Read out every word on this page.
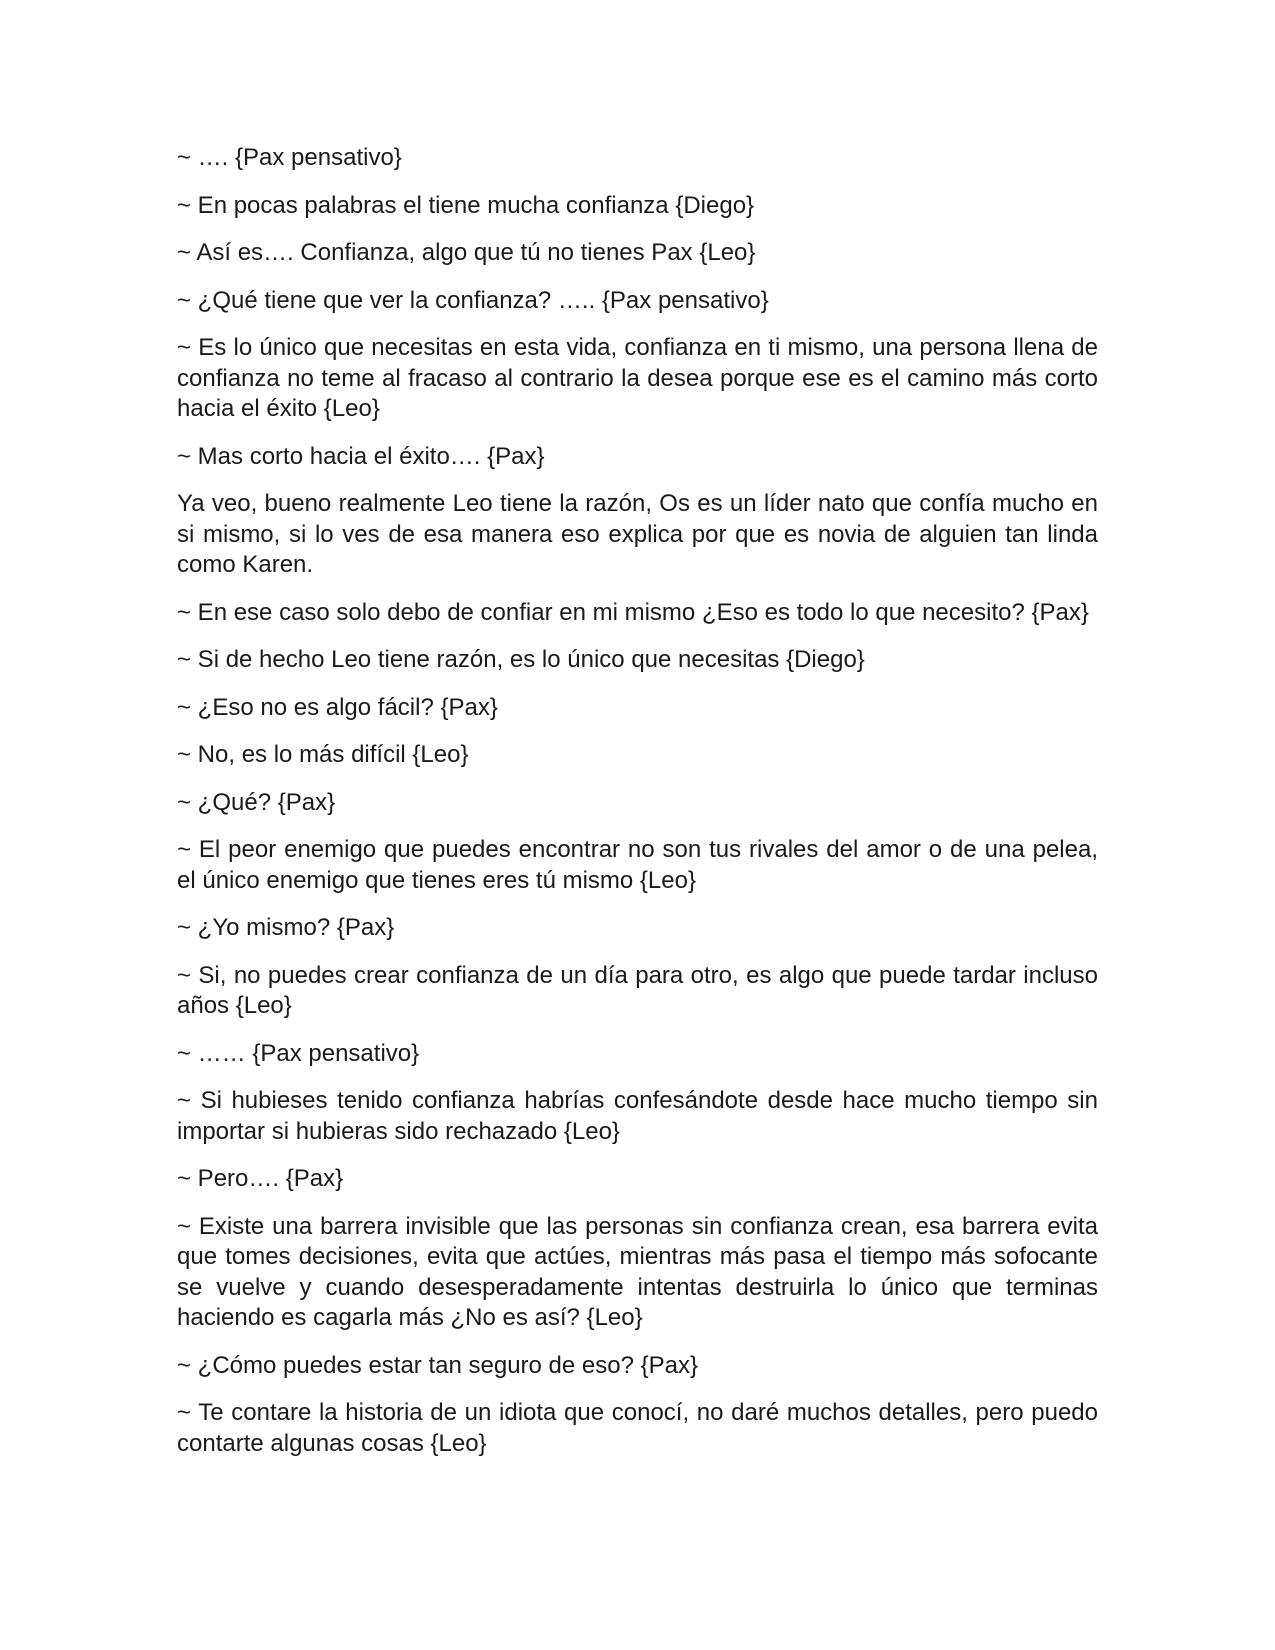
~ …. {Pax pensativo}

~ En pocas palabras el tiene mucha confianza {Diego}

~ Así es…. Confianza, algo que tú no tienes Pax {Leo}

~ ¿Qué tiene que ver la confianza? ….. {Pax pensativo}

~ Es lo único que necesitas en esta vida, confianza en ti mismo, una persona llena de confianza no teme al fracaso al contrario la desea porque ese es el camino más corto hacia el éxito {Leo}

~ Mas corto hacia el éxito…. {Pax}

Ya veo, bueno realmente Leo tiene la razón, Os es un líder nato que confía mucho en si mismo, si lo ves de esa manera eso explica por que es novia de alguien tan linda como Karen.

~ En ese caso solo debo de confiar en mi mismo ¿Eso es todo lo que necesito? {Pax}

~ Si de hecho Leo tiene razón, es lo único que necesitas {Diego}

~ ¿Eso no es algo fácil? {Pax}

~ No, es lo más difícil {Leo}

~ ¿Qué? {Pax}

~ El peor enemigo que puedes encontrar no son tus rivales del amor o de una pelea, el único enemigo que tienes eres tú mismo {Leo}

~ ¿Yo mismo? {Pax}

~ Si, no puedes crear confianza de un día para otro, es algo que puede tardar incluso años {Leo}

~ …… {Pax pensativo}

~ Si hubieses tenido confianza habrías confesándote desde hace mucho tiempo sin importar si hubieras sido rechazado {Leo}

~ Pero…. {Pax}

~ Existe una barrera invisible que las personas sin confianza crean, esa barrera evita que tomes decisiones, evita que actúes, mientras más pasa el tiempo más sofocante se vuelve y cuando desesperadamente intentas destruirla lo único que terminas haciendo es cagarla más ¿No es así? {Leo}

~ ¿Cómo puedes estar tan seguro de eso? {Pax}

~ Te contare la historia de un idiota que conocí, no daré muchos detalles, pero puedo contarte algunas cosas {Leo}
